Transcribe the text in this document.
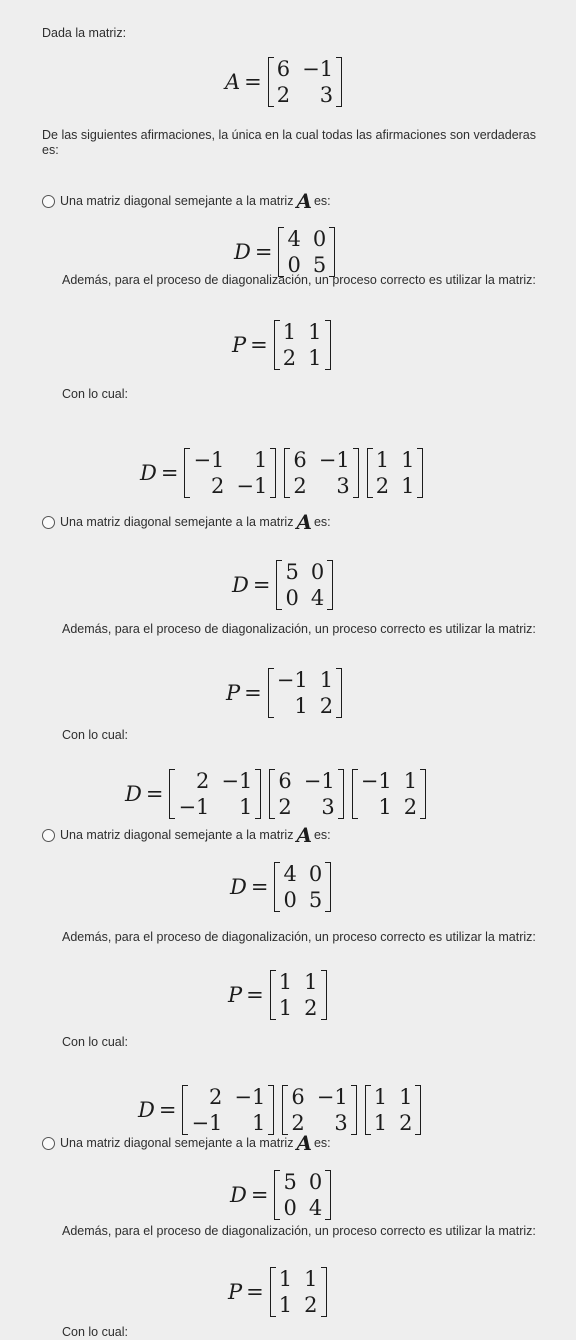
Dada la matriz:
A =
6 −1
2	3
De las siguientes afirmaciones, la única en la cual todas las afirmaciones son verdaderas es:
Una matriz diagonal semejante a la matriz A es:
D =
4 0
0 5
Además, para el proceso de diagonalización, un proceso correcto es utilizar la matriz:
P =
1 1
2 1
Con lo cual:
D =
−1	1
2 −1
6 −1
2	3
1 1
2 1
Una matriz diagonal semejante a la matriz A es:
D =
5 0
0 4
Además, para el proceso de diagonalización, un proceso correcto es utilizar la matriz:
P =
−1 1
1 2
Con lo cual:
D =
2 −1
−1	1
6 −1
2	3
−1 1
1 2
Una matriz diagonal semejante a la matriz A es:
D =
4 0
0 5
Además, para el proceso de diagonalización, un proceso correcto es utilizar la matriz:
P =
1 1
1 2
Con lo cual:
D =
2 −1
−1	1
6 −1
2	3
1 1
1 2
Una matriz diagonal semejante a la matriz A es:
D =
5 0
0 4
Además, para el proceso de diagonalización, un proceso correcto es utilizar la matriz:
P =
1 1
1 2
Con lo cual:
